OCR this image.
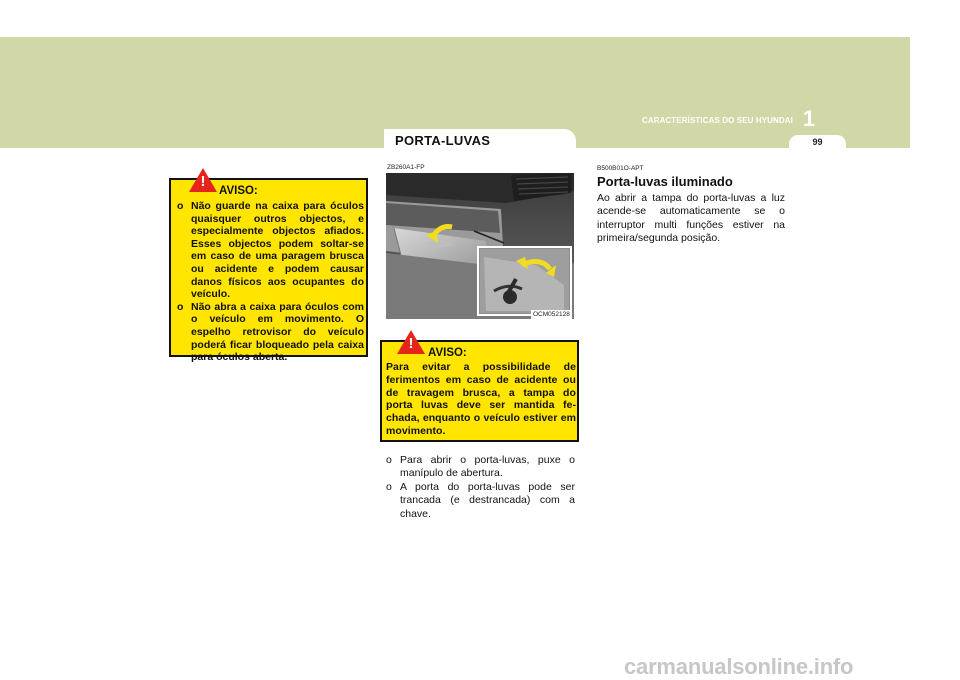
1
CARACTERÍSTICAS DO SEU HYUNDAI
99
PORTA-LUVAS
!
AVISO:
o Não guarde na caixa para óculos quaisquer outros objectos, e especialmente objectos afiados. Esses objectos podem soltar-se em caso de uma paragem brusca ou acidente e podem causar danos físicos aos ocupantes do veículo.
o Não abra a caixa para óculos com o veículo em movimento. O espelho retrovisor do veículo poderá ficar bloqueado pela caixa para óculos aberta.
ZB260A1-FP
OCM052128
!
AVISO:

Para evitar a possibilidade de ferimentos em caso de acidente ou de travagem brusca, a tampa do porta luvas deve ser mantida fe- chada, enquanto o veículo estiver em movimento.

o Para abrir o porta-luvas, puxe o manípulo de abertura.
o A porta do porta-luvas pode ser trancada (e destrancada) com a chave.
B500B01O-APT
Porta-luvas iluminado

Ao abrir a tampa do porta-luvas a luz acende-se automaticamente se o interruptor multi funções estiver na primeira/segunda posição.

carmanualsonline.info
